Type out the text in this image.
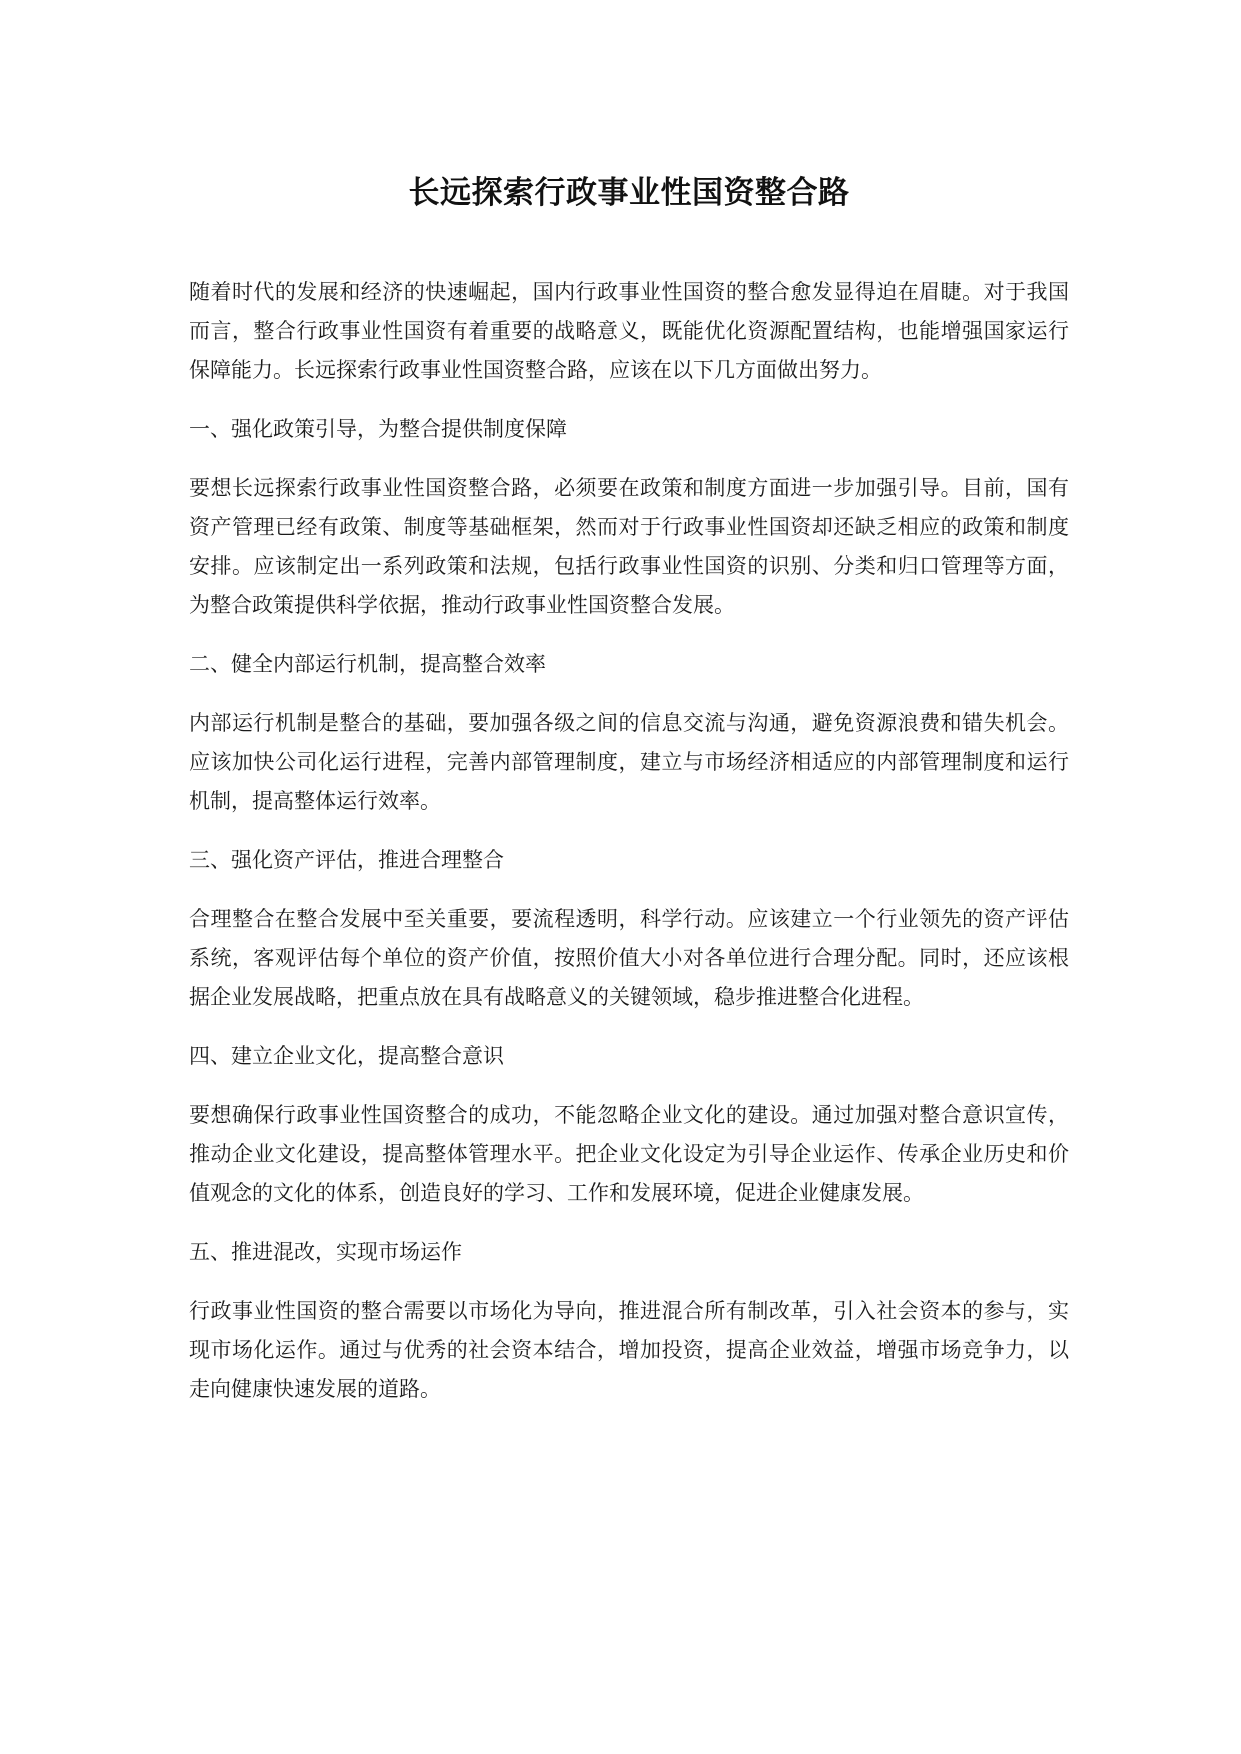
长远探索行政事业性国资整合路

随着时代的发展和经济的快速崛起，国内行政事业性国资的整合愈发显得迫在眉睫。对于我国而言，整合行政事业性国资有着重要的战略意义，既能优化资源配置结构，也能增强国家运行保障能力。长远探索行政事业性国资整合路，应该在以下几方面做出努力。

一、强化政策引导，为整合提供制度保障

要想长远探索行政事业性国资整合路，必须要在政策和制度方面进一步加强引导。目前，国有资产管理已经有政策、制度等基础框架，然而对于行政事业性国资却还缺乏相应的政策和制度安排。应该制定出一系列政策和法规，包括行政事业性国资的识别、分类和归口管理等方面，为整合政策提供科学依据，推动行政事业性国资整合发展。

二、健全内部运行机制，提高整合效率

内部运行机制是整合的基础，要加强各级之间的信息交流与沟通，避免资源浪费和错失机会。应该加快公司化运行进程，完善内部管理制度，建立与市场经济相适应的内部管理制度和运行机制，提高整体运行效率。

三、强化资产评估，推进合理整合

合理整合在整合发展中至关重要，要流程透明，科学行动。应该建立一个行业领先的资产评估系统，客观评估每个单位的资产价值，按照价值大小对各单位进行合理分配。同时，还应该根据企业发展战略，把重点放在具有战略意义的关键领域，稳步推进整合化进程。

四、建立企业文化，提高整合意识

要想确保行政事业性国资整合的成功，不能忽略企业文化的建设。通过加强对整合意识宣传，推动企业文化建设，提高整体管理水平。把企业文化设定为引导企业运作、传承企业历史和价值观念的文化的体系，创造良好的学习、工作和发展环境，促进企业健康发展。

五、推进混改，实现市场运作

行政事业性国资的整合需要以市场化为导向，推进混合所有制改革，引入社会资本的参与，实现市场化运作。通过与优秀的社会资本结合，增加投资，提高企业效益，增强市场竞争力，以走向健康快速发展的道路。
